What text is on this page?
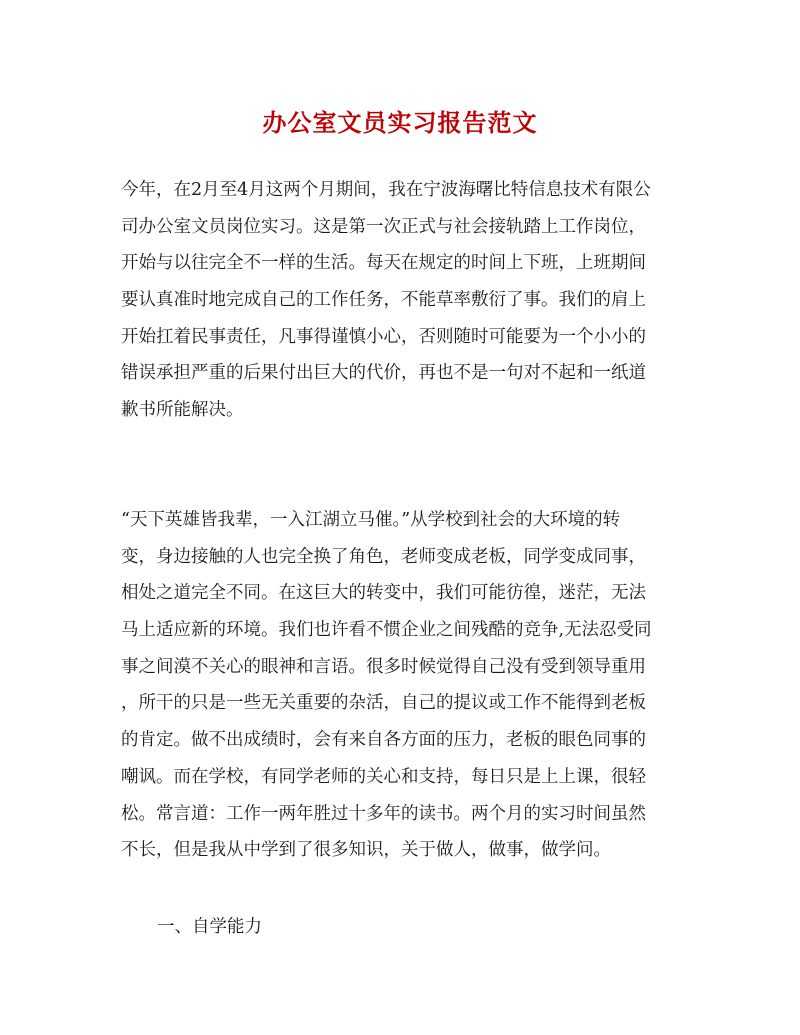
办公室文员实习报告范文
今年，在2月至4月这两个月期间，我在宁波海曙比特信息技术有限公
司办公室文员岗位实习。这是第一次正式与社会接轨踏上工作岗位，
开始与以往完全不一样的生活。每天在规定的时间上下班，上班期间
要认真准时地完成自己的工作任务，不能草率敷衍了事。我们的肩上
开始扛着民事责任，凡事得谨慎小心，否则随时可能要为一个小小的
错误承担严重的后果付出巨大的代价，再也不是一句对不起和一纸道
歉书所能解决。
“天下英雄皆我辈，一入江湖立马催。”从学校到社会的大环境的转
变，身边接触的人也完全换了角色，老师变成老板，同学变成同事，
相处之道完全不同。在这巨大的转变中，我们可能彷徨，迷茫，无法
马上适应新的环境。我们也许看不惯企业之间残酷的竞争,无法忍受同
事之间漠不关心的眼神和言语。很多时候觉得自己没有受到领导重用
，所干的只是一些无关重要的杂活，自己的提议或工作不能得到老板
的肯定。做不出成绩时，会有来自各方面的压力，老板的眼色同事的
嘲讽。而在学校，有同学老师的关心和支持，每日只是上上课，很轻
松。常言道：工作一两年胜过十多年的读书。两个月的实习时间虽然
不长，但是我从中学到了很多知识，关于做人，做事，做学问。
一、自学能力
